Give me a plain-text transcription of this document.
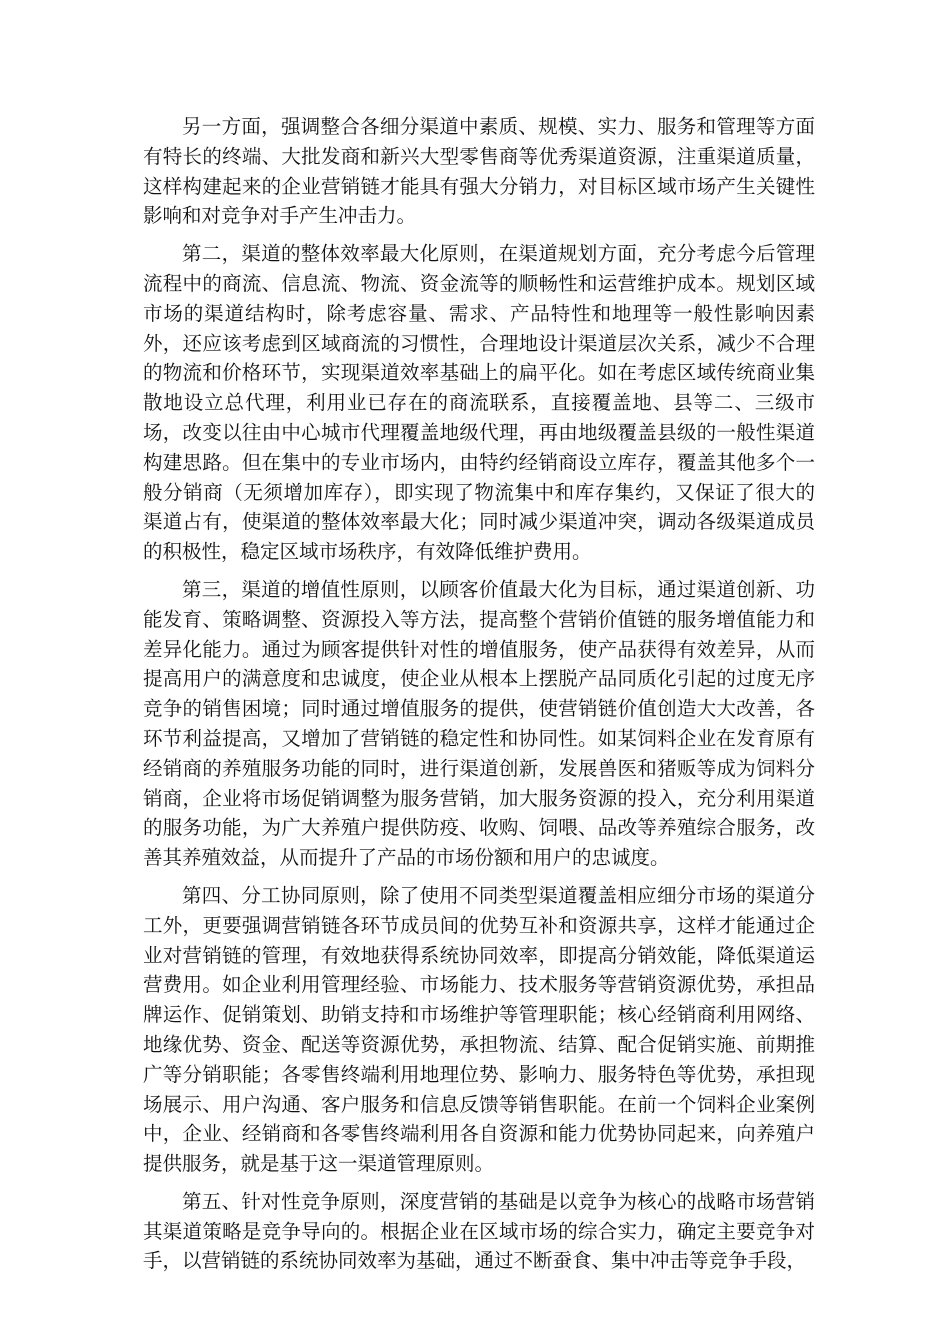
另一方面，强调整合各细分渠道中素质、规模、实力、服务和管理等方面有特长的终端、大批发商和新兴大型零售商等优秀渠道资源，注重渠道质量，这样构建起来的企业营销链才能具有强大分销力，对目标区域市场产生关键性影响和对竞争对手产生冲击力。

第二，渠道的整体效率最大化原则，在渠道规划方面，充分考虑今后管理流程中的商流、信息流、物流、资金流等的顺畅性和运营维护成本。规划区域市场的渠道结构时，除考虑容量、需求、产品特性和地理等一般性影响因素外，还应该考虑到区域商流的习惯性，合理地设计渠道层次关系，减少不合理的物流和价格环节，实现渠道效率基础上的扁平化。如在考虑区域传统商业集散地设立总代理，利用业已存在的商流联系，直接覆盖地、县等二、三级市场，改变以往由中心城市代理覆盖地级代理，再由地级覆盖县级的一般性渠道构建思路。但在集中的专业市场内，由特约经销商设立库存，覆盖其他多个一般分销商（无须增加库存），即实现了物流集中和库存集约，又保证了很大的渠道占有，使渠道的整体效率最大化；同时减少渠道冲突，调动各级渠道成员的积极性，稳定区域市场秩序，有效降低维护费用。

第三，渠道的增值性原则，以顾客价值最大化为目标，通过渠道创新、功能发育、策略调整、资源投入等方法，提高整个营销价值链的服务增值能力和差异化能力。通过为顾客提供针对性的增值服务，使产品获得有效差异，从而提高用户的满意度和忠诚度，使企业从根本上摆脱产品同质化引起的过度无序竞争的销售困境；同时通过增值服务的提供，使营销链价值创造大大改善，各环节利益提高，又增加了营销链的稳定性和协同性。如某饲料企业在发育原有经销商的养殖服务功能的同时，进行渠道创新，发展兽医和猪贩等成为饲料分销商，企业将市场促销调整为服务营销，加大服务资源的投入，充分利用渠道的服务功能，为广大养殖户提供防疫、收购、饲喂、品改等养殖综合服务，改善其养殖效益，从而提升了产品的市场份额和用户的忠诚度。

第四、分工协同原则，除了使用不同类型渠道覆盖相应细分市场的渠道分工外，更要强调营销链各环节成员间的优势互补和资源共享，这样才能通过企业对营销链的管理，有效地获得系统协同效率，即提高分销效能，降低渠道运营费用。如企业利用管理经验、市场能力、技术服务等营销资源优势，承担品牌运作、促销策划、助销支持和市场维护等管理职能；核心经销商利用网络、地缘优势、资金、配送等资源优势，承担物流、结算、配合促销实施、前期推广等分销职能；各零售终端利用地理位势、影响力、服务特色等优势，承担现场展示、用户沟通、客户服务和信息反馈等销售职能。在前一个饲料企业案例中，企业、经销商和各零售终端利用各自资源和能力优势协同起来，向养殖户提供服务，就是基于这一渠道管理原则。

第五、针对性竞争原则，深度营销的基础是以竞争为核心的战略市场营销其渠道策略是竞争导向的。根据企业在区域市场的综合实力，确定主要竞争对手，以营销链的系统协同效率为基础，通过不断蚕食、集中冲击等竞争手段，
